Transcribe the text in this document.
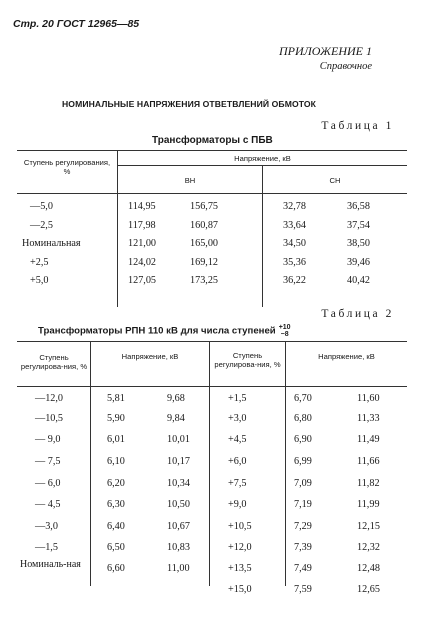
Стр. 20 ГОСТ 12965—85
ПРИЛОЖЕНИЕ 1
Справочное
НОМИНАЛЬНЫЕ НАПРЯЖЕНИЯ ОТВЕТВЛЕНИЙ ОБМОТОК
Таблица 1
Трансформаторы с ПБВ
Ступень регулирования, %
Напряжение, кВ
ВН	СН
—5,0	114,95	156,75	32,78	36,58
—2,5	117,98	160,87	33,64	37,54
Номинальная	121,00	165,00	34,50	38,50
+2,5	124,02	169,12	35,36	39,46
+5,0	127,05	173,25	36,22	40,42
Таблица 2
Трансформаторы РПН 110 кВ для числа ступеней +10
−8
Ступень регулирова-ния, %
Напряжение, кВ	Ступень регулирова-ния, %
Напряжение, кВ
—12,0	5,81	9,68
—10,5	5,90	9,84
— 9,0	6,01	10,01
— 7,5	6,10	10,17
— 6,0	6,20	10,34
— 4,5	6,30	10,50
—3,0	6,40	10,67
—1,5	6,50	10,83
Номиналь-ная	6,60	11,00
+1,5	6,70	11,60
+3,0	6,80	11,33
+4,5	6,90	11,49
+6,0	6,99	11,66
+7,5	7,09	11,82
+9,0	7,19	11,99
+10,5	7,29	12,15
+12,0	7,39	12,32
+13,5	7,49	12,48
+15,0	7,59	12,65
